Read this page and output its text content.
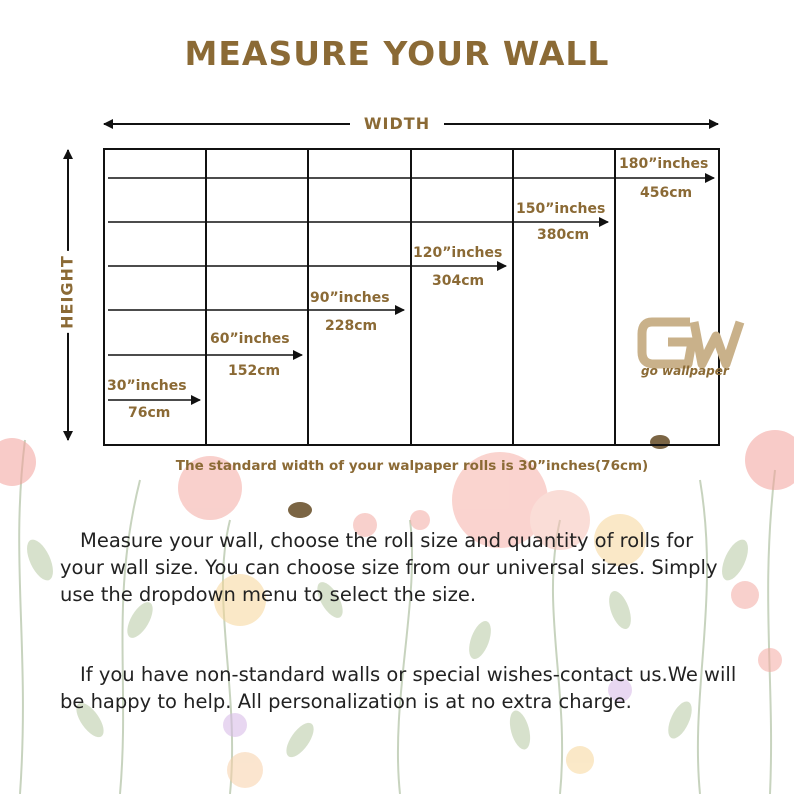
MEASURE YOUR WALL
WIDTH
HEIGHT
30”inches
76cm
60”inches
152cm
90”inches
228cm
120”inches
304cm
150”inches
380cm
180”inches
456cm
go wallpaper
The standard width of your walpaper rolls is 30”inches(76cm)

Measure your wall, choose the roll size and quantity of rolls for your wall size. You can choose size from our universal sizes. Simply use the dropdown menu to select the size.

If you have non-standard walls or special wishes-contact us.We will be happy to help. All personalization is at no extra charge.
